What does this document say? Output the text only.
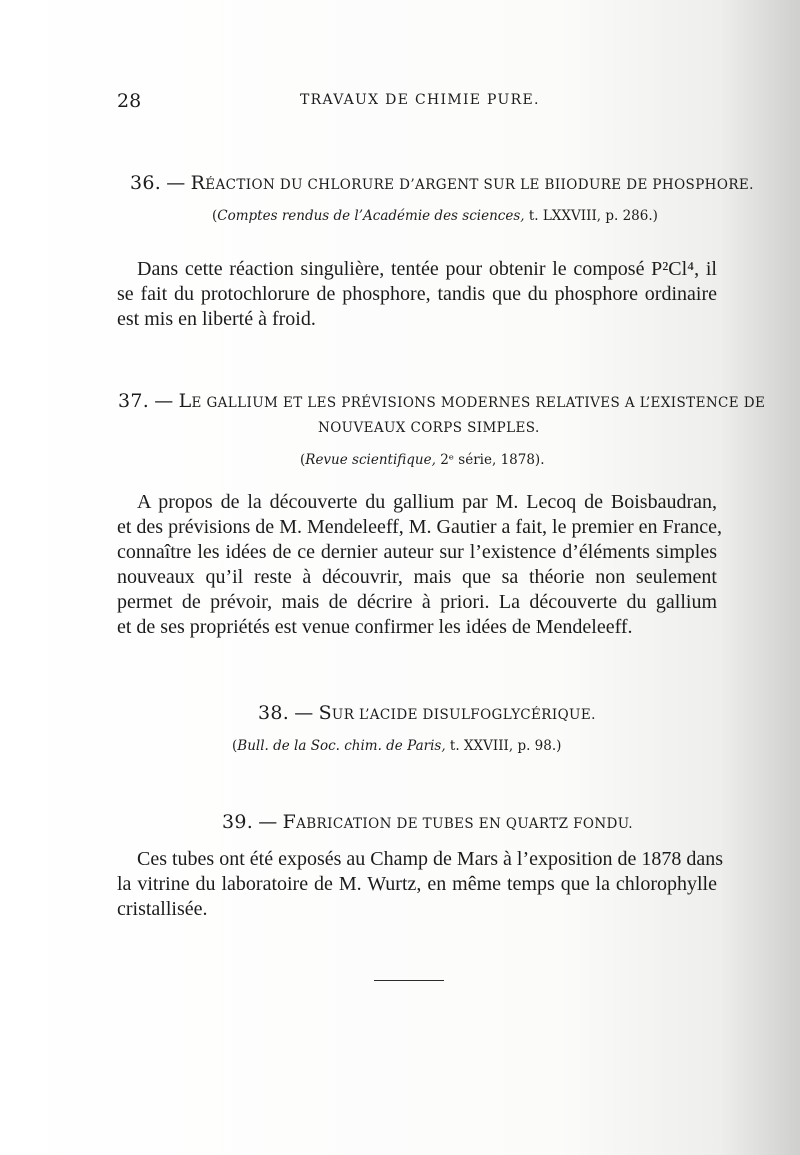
28	TRAVAUX DE CHIMIE PURE.
36. — RÉACTION DU CHLORURE D’ARGENT SUR LE BIIODURE DE PHOSPHORE.
(Comptes rendus de l’Académie des sciences, t. LXXVIII, p. 286.)
Dans cette réaction singulière, tentée pour obtenir le composé P²Cl⁴, il
se fait du protochlorure de phosphore, tandis que du phosphore ordinaire
est mis en liberté à froid.
37. — LE GALLIUM ET LES PRÉVISIONS MODERNES RELATIVES A L’EXISTENCE DE
NOUVEAUX CORPS SIMPLES.
(Revue scientifique, 2ᵉ série, 1878).
A propos de la découverte du gallium par M. Lecoq de Boisbaudran,
et des prévisions de M. Mendeleeff, M. Gautier a fait, le premier en France,
connaître les idées de ce dernier auteur sur l’existence d’éléments simples
nouveaux qu’il reste à découvrir, mais que sa théorie non seulement
permet de prévoir, mais de décrire à priori. La découverte du gallium
et de ses propriétés est venue confirmer les idées de Mendeleeff.
38. — SUR L’ACIDE DISULFOGLYCÉRIQUE.
(Bull. de la Soc. chim. de Paris, t. XXVIII, p. 98.)
39. — FABRICATION DE TUBES EN QUARTZ FONDU.
Ces tubes ont été exposés au Champ de Mars à l’exposition de 1878 dans
la vitrine du laboratoire de M. Wurtz, en même temps que la chlorophylle
cristallisée.
